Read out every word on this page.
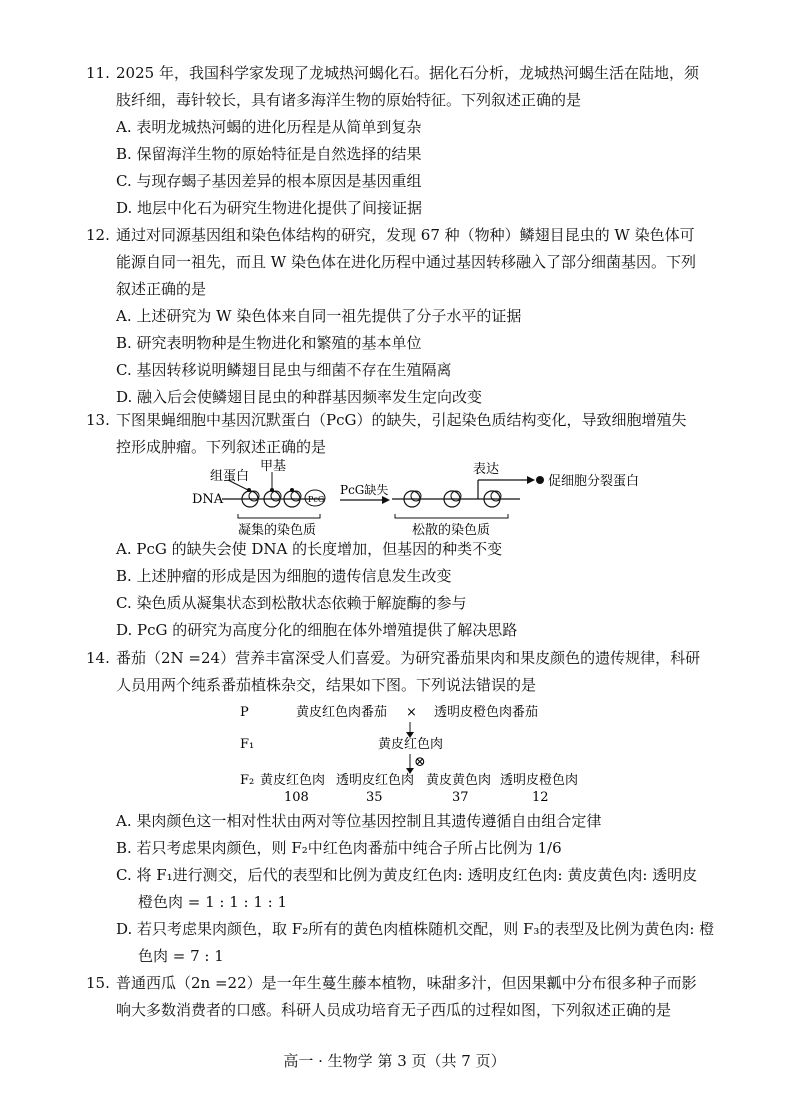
11. 2025 年，我国科学家发现了龙城热河蝎化石。据化石分析，龙城热河蝎生活在陆地，须
肢纤细，毒针较长，具有诸多海洋生物的原始特征。下列叙述正确的是
A. 表明龙城热河蝎的进化历程是从简单到复杂
B. 保留海洋生物的原始特征是自然选择的结果
C. 与现存蝎子基因差异的根本原因是基因重组
D. 地层中化石为研究生物进化提供了间接证据
12. 通过对同源基因组和染色体结构的研究，发现 67 种（物种）鳞翅目昆虫的 W 染色体可
能源自同一祖先，而且 W 染色体在进化历程中通过基因转移融入了部分细菌基因。下列
叙述正确的是
A. 上述研究为 W 染色体来自同一祖先提供了分子水平的证据
B. 研究表明物种是生物进化和繁殖的基本单位
C. 基因转移说明鳞翅目昆虫与细菌不存在生殖隔离
D. 融入后会使鳞翅目昆虫的种群基因频率发生定向改变
13. 下图果蝇细胞中基因沉默蛋白（PcG）的缺失，引起染色质结构变化，导致细胞增殖失
控形成肿瘤。下列叙述正确的是
组蛋白
甲基
DNA	PcG
凝集的染色质
PcG缺失
表达
促细胞分裂蛋白
松散的染色质
A. PcG 的缺失会使 DNA 的长度增加，但基因的种类不变
B. 上述肿瘤的形成是因为细胞的遗传信息发生改变
C. 染色质从凝集状态到松散状态依赖于解旋酶的参与
D. PcG 的研究为高度分化的细胞在体外增殖提供了解决思路
14. 番茄（2N =24）营养丰富深受人们喜爱。为研究番茄果肉和果皮颜色的遗传规律，科研
人员用两个纯系番茄植株杂交，结果如下图。下列说法错误的是
P	黄皮红色肉番茄 × 透明皮橙色肉番茄
F₁	黄皮红色肉
⊗
F₂ 黄皮红色肉 透明皮红色肉 黄皮黄色肉 透明皮橙色肉
108	35	37	12
A. 果肉颜色这一相对性状由两对等位基因控制且其遗传遵循自由组合定律
B. 若只考虑果肉颜色，则 F₂中红色肉番茄中纯合子所占比例为 1/6
C. 将 F₁进行测交，后代的表型和比例为黄皮红色肉: 透明皮红色肉: 黄皮黄色肉: 透明皮
橙色肉 = 1 : 1 : 1 : 1
D. 若只考虑果肉颜色，取 F₂所有的黄色肉植株随机交配，则 F₃的表型及比例为黄色肉: 橙
色肉 = 7 : 1
15. 普通西瓜（2n =22）是一年生蔓生藤本植物，味甜多汁，但因果瓤中分布很多种子而影
响大多数消费者的口感。科研人员成功培育无子西瓜的过程如图，下列叙述正确的是
高一 · 生物学 第 3 页（共 7 页）
